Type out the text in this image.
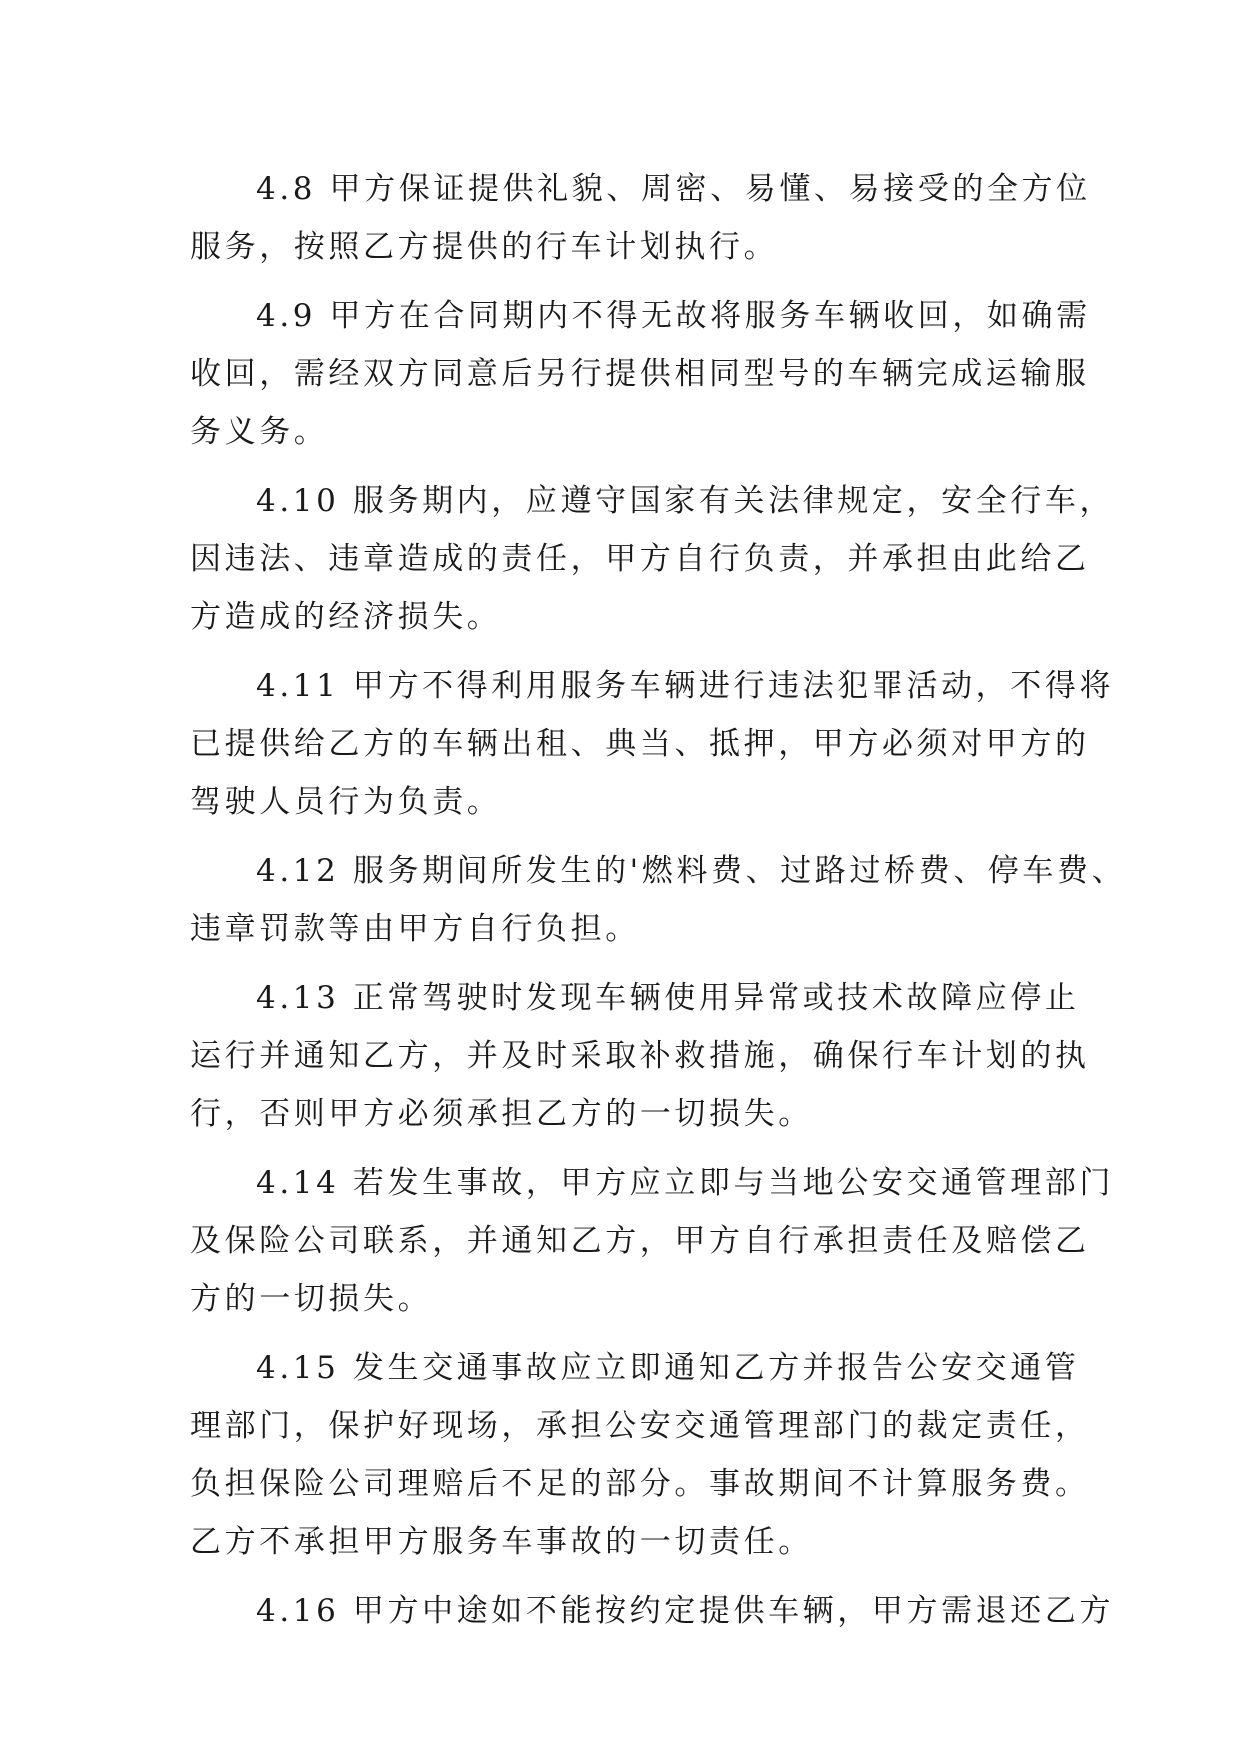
4.8 甲方保证提供礼貌、周密、易懂、易接受的全方位
服务，按照乙方提供的行车计划执行。
4.9 甲方在合同期内不得无故将服务车辆收回，如确需
收回，需经双方同意后另行提供相同型号的车辆完成运输服
务义务。
4.10 服务期内，应遵守国家有关法律规定，安全行车，
因违法、违章造成的责任，甲方自行负责，并承担由此给乙
方造成的经济损失。
4.11 甲方不得利用服务车辆进行违法犯罪活动，不得将
已提供给乙方的车辆出租、典当、抵押，甲方必须对甲方的
驾驶人员行为负责。
4.12 服务期间所发生的'燃料费、过路过桥费、停车费、
违章罚款等由甲方自行负担。
4.13 正常驾驶时发现车辆使用异常或技术故障应停止
运行并通知乙方，并及时采取补救措施，确保行车计划的执
行，否则甲方必须承担乙方的一切损失。
4.14 若发生事故，甲方应立即与当地公安交通管理部门
及保险公司联系，并通知乙方，甲方自行承担责任及赔偿乙
方的一切损失。
4.15 发生交通事故应立即通知乙方并报告公安交通管
理部门，保护好现场，承担公安交通管理部门的裁定责任，
负担保险公司理赔后不足的部分。事故期间不计算服务费。
乙方不承担甲方服务车事故的一切责任。
4.16 甲方中途如不能按约定提供车辆，甲方需退还乙方
